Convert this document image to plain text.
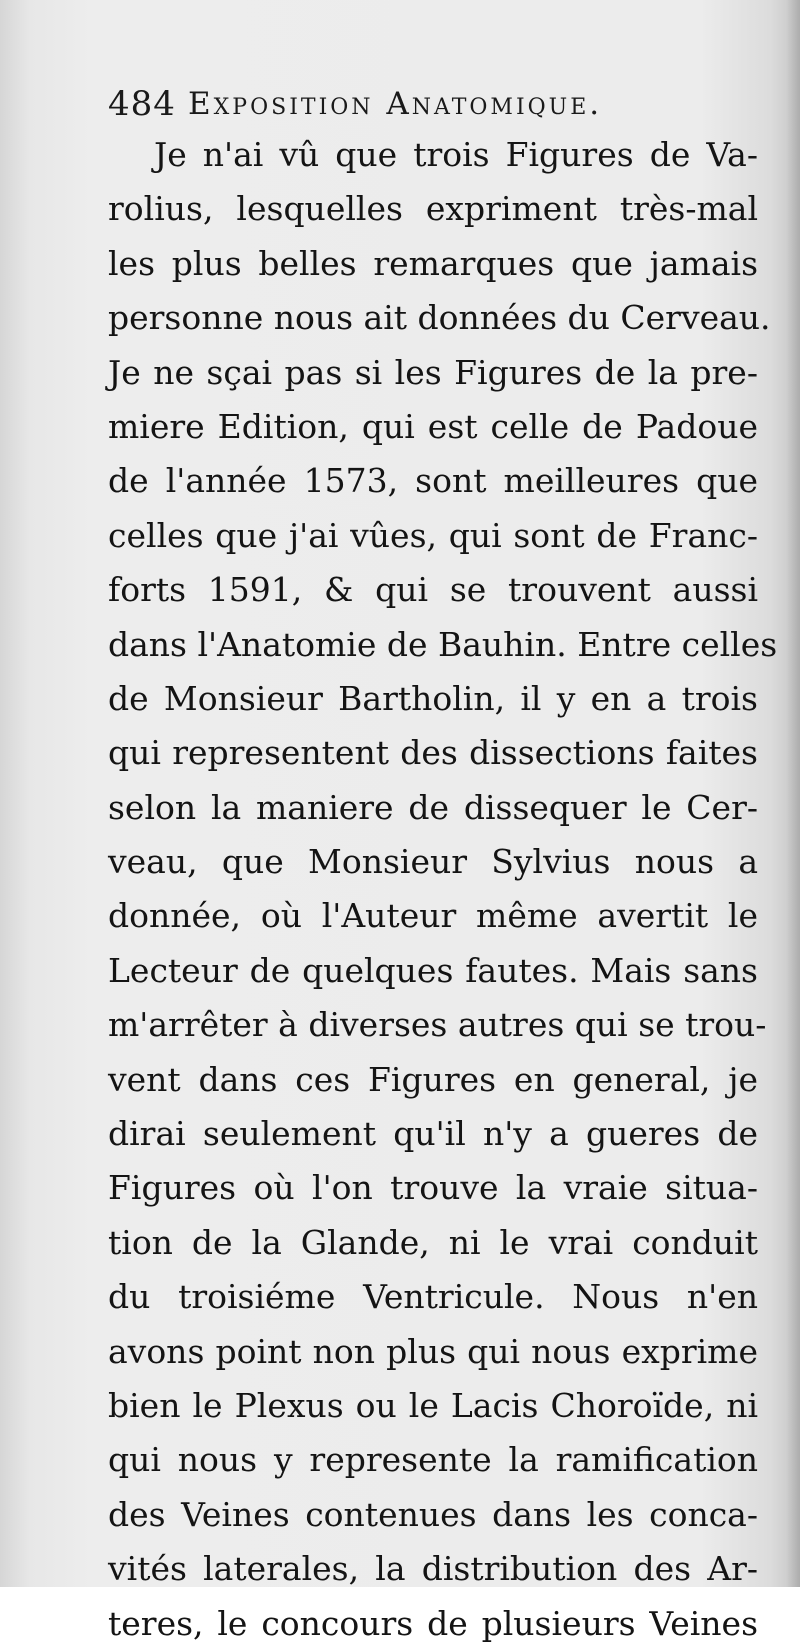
484 Exposition Anatomique.
Je n'ai vû que trois Figures de Va-
rolius, lesquelles expriment très-mal
les plus belles remarques que jamais
personne nous ait données du Cerveau.
Je ne sçai pas si les Figures de la pre-
miere Edition, qui est celle de Padoue
de l'année 1573, sont meilleures que
celles que j'ai vûes, qui sont de Franc-
forts 1591, & qui se trouvent aussi
dans l'Anatomie de Bauhin. Entre celles
de Monsieur Bartholin, il y en a trois
qui representent des dissections faites
selon la maniere de dissequer le Cer-
veau, que Monsieur Sylvius nous a
donnée, où l'Auteur même avertit le
Lecteur de quelques fautes. Mais sans
m'arrêter à diverses autres qui se trou-
vent dans ces Figures en general, je
dirai seulement qu'il n'y a gueres de
Figures où l'on trouve la vraie situa-
tion de la Glande, ni le vrai conduit
du troisiéme Ventricule. Nous n'en
avons point non plus qui nous exprime
bien le Plexus ou le Lacis Choroïde, ni
qui nous y represente la ramification
des Veines contenues dans les conca-
vités laterales, la distribution des Ar-
teres, le concours de plusieurs Veines
